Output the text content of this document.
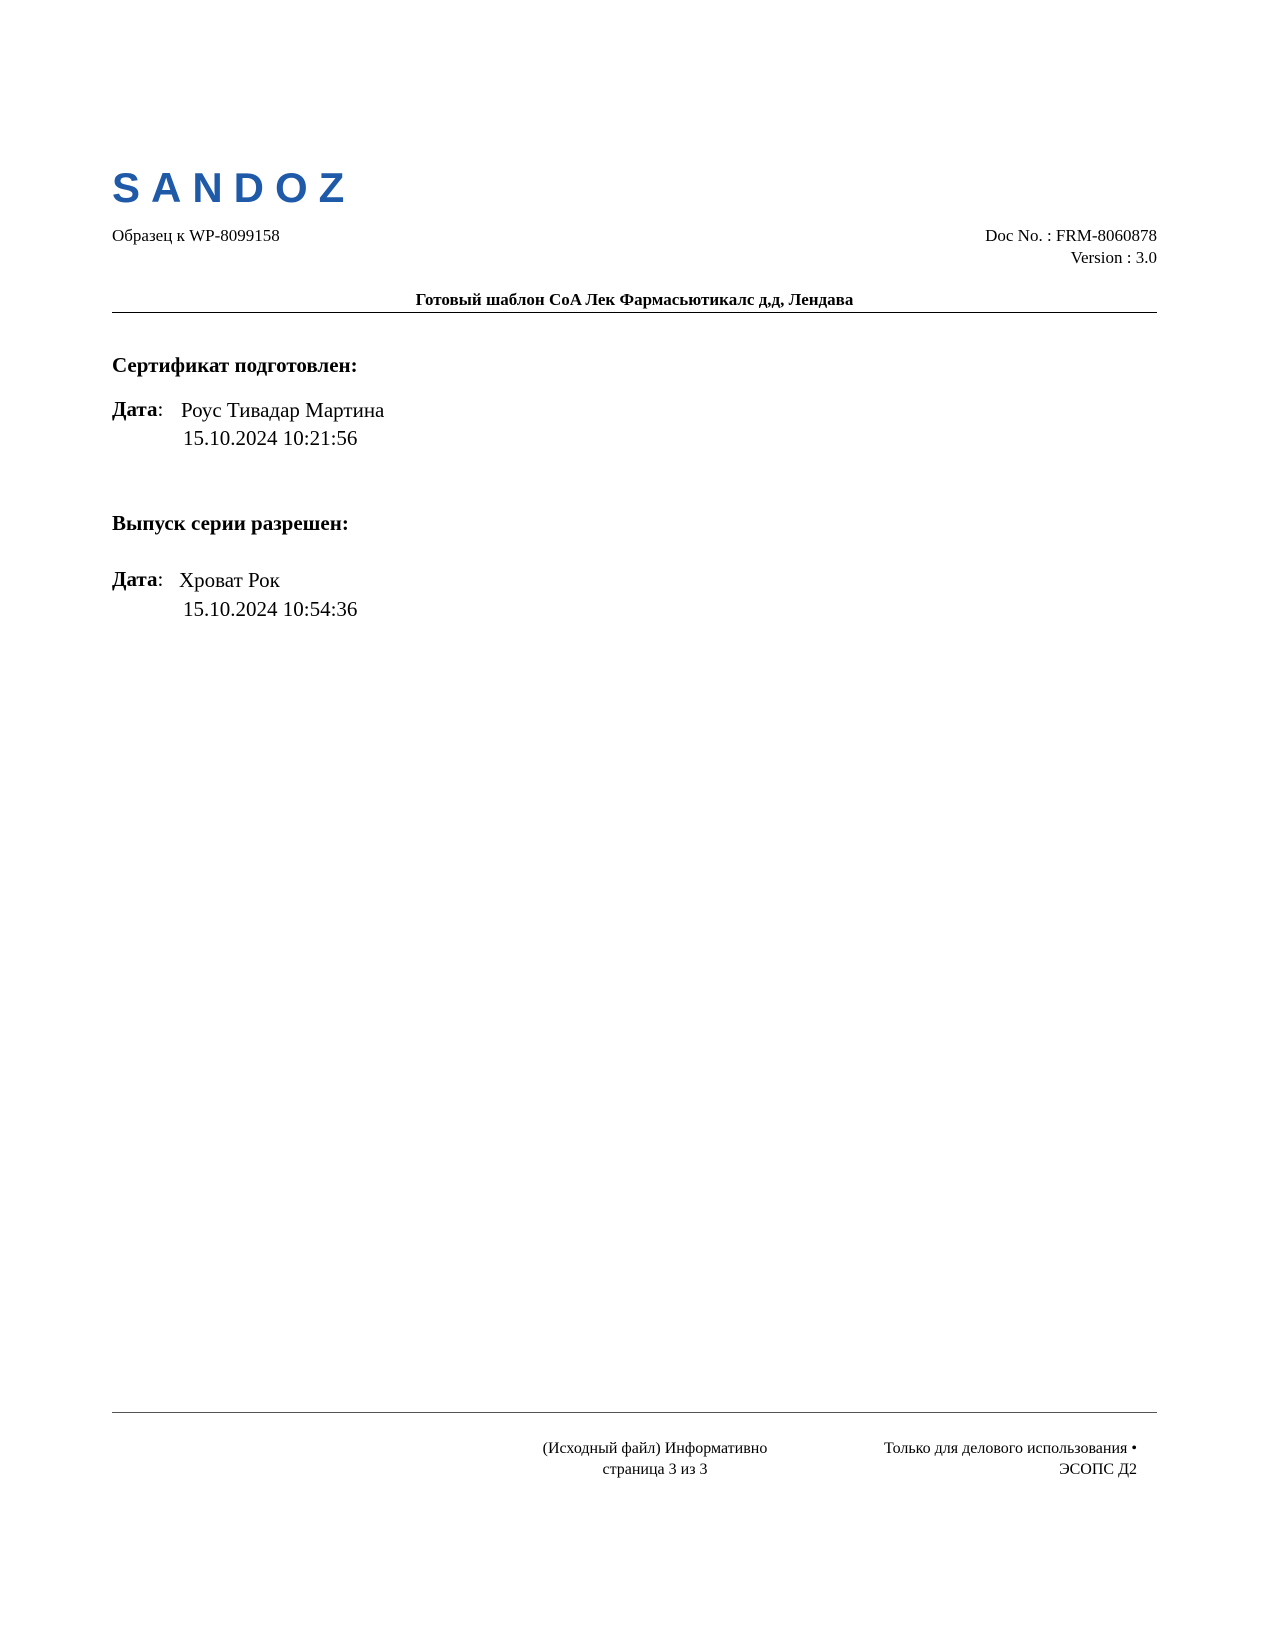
SANDOZ
Образец к WP-8099158	Doc No. : FRM-8060878
Version : 3.0
Готовый шаблон CoA Лек Фармасьютикалс д,д, Лендава
Сертификат подготовлен:
Дата: Роус Тивадар Мартина
15.10.2024 10:21:56
Выпуск серии разрешен:
Дата: Хроват Рок
15.10.2024 10:54:36
(Исходный файл) Информативно
страница 3 из 3
Только для делового использования •
ЭСОПС Д2
